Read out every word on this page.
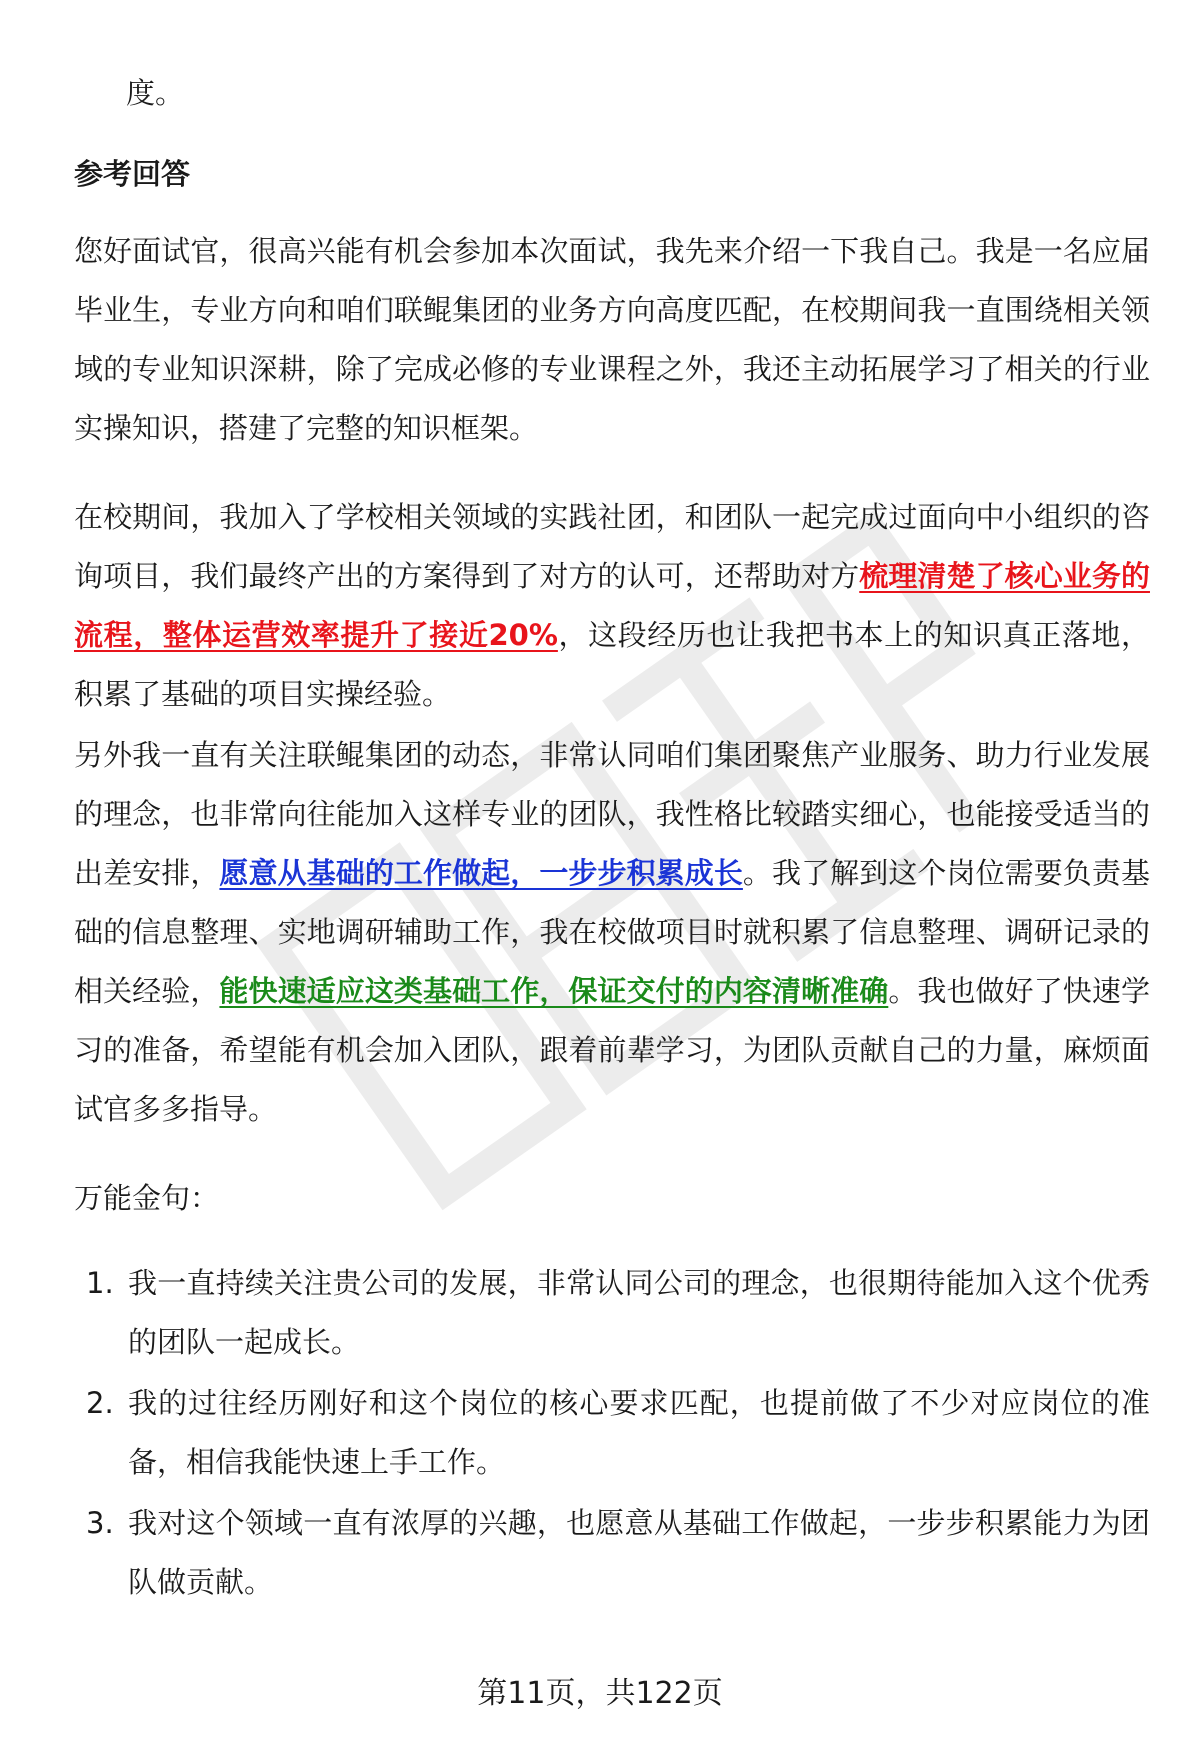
度。

参考回答

您好面试官，很高兴能有机会参加本次面试，我先来介绍一下我自己。我是一名应届毕业生，专业方向和咱们联鲲集团的业务方向高度匹配，在校期间我一直围绕相关领域的专业知识深耕，除了完成必修的专业课程之外，我还主动拓展学习了相关的行业实操知识，搭建了完整的知识框架。

在校期间，我加入了学校相关领域的实践社团，和团队一起完成过面向中小组织的咨询项目，我们最终产出的方案得到了对方的认可，还帮助对方梳理清楚了核心业务的流程，整体运营效率提升了接近20%，这段经历也让我把书本上的知识真正落地，积累了基础的项目实操经验。

另外我一直有关注联鲲集团的动态，非常认同咱们集团聚焦产业服务、助力行业发展的理念，也非常向往能加入这样专业的团队，我性格比较踏实细心，也能接受适当的出差安排，愿意从基础的工作做起，一步步积累成长。我了解到这个岗位需要负责基础的信息整理、实地调研辅助工作，我在校做项目时就积累了信息整理、调研记录的相关经验，能快速适应这类基础工作，保证交付的内容清晰准确。我也做好了快速学习的准备，希望能有机会加入团队，跟着前辈学习，为团队贡献自己的力量，麻烦面试官多多指导。

万能金句：

1. 我一直持续关注贵公司的发展，非常认同公司的理念，也很期待能加入这个优秀的团队一起成长。
2. 我的过往经历刚好和这个岗位的核心要求匹配，也提前做了不少对应岗位的准备，相信我能快速上手工作。
3. 我对这个领域一直有浓厚的兴趣，也愿意从基础工作做起，一步步积累能力为团队做贡献。
第11页，共122页
